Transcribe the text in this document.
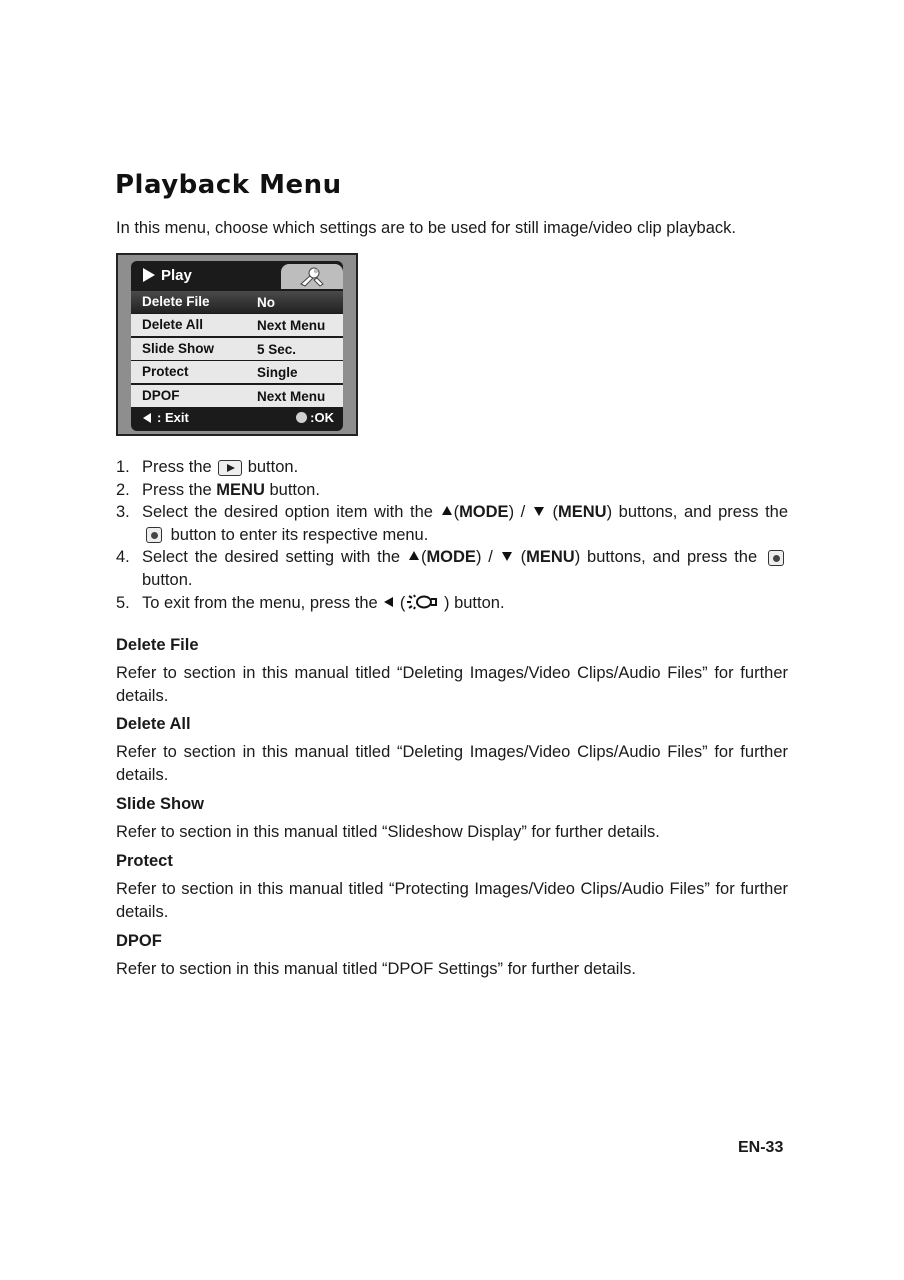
Playback Menu
In this menu, choose which settings are to be used for still image/video clip playback.
Play
Delete File	No
Delete All	Next Menu
Slide Show	5 Sec.
Protect	Single
DPOF	Next Menu
: Exit	:OK
1. Press the button.
2. Press the MENU button.
3. Select the desired option item with the (MODE) /  (MENU) buttons, and press the  button to enter its respective menu.
4. Select the desired setting with the (MODE) /  (MENU) buttons, and press the  button.
5. To exit from the menu, press the  ( ) button.
Delete File
Refer to section in this manual titled “Deleting Images/Video Clips/Audio Files” for further details.
Delete All
Refer to section in this manual titled “Deleting Images/Video Clips/Audio Files” for further details.
Slide Show
Refer to section in this manual titled “Slideshow Display” for further details.
Protect
Refer to section in this manual titled “Protecting Images/Video Clips/Audio Files” for further details.
DPOF
Refer to section in this manual titled “DPOF Settings” for further details.
EN-33
